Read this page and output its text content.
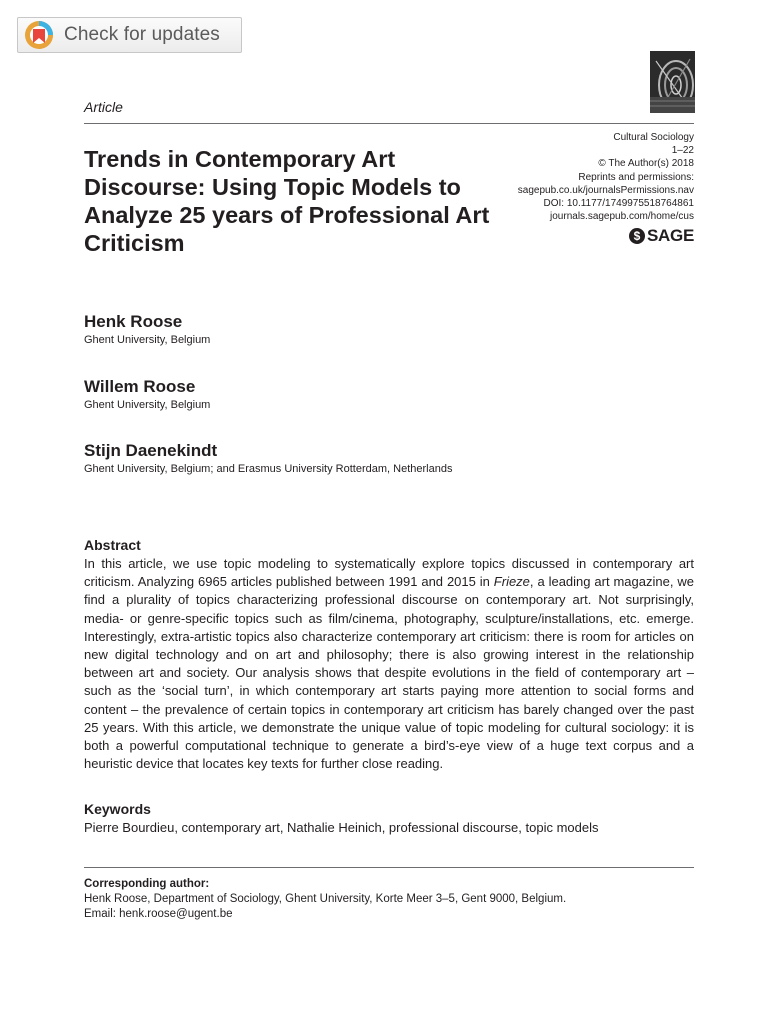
Check for updates
Article
Cultural Sociology
1–22
© The Author(s) 2018
Reprints and permissions:
sagepub.co.uk/journalsPermissions.nav
DOI: 10.1177/1749975518764861
journals.sagepub.com/home/cus
$ SAGE
Trends in Contemporary Art Discourse: Using Topic Models to Analyze 25 years of Professional Art Criticism
Henk Roose
Ghent University, Belgium
Willem Roose
Ghent University, Belgium
Stijn Daenekindt
Ghent University, Belgium; and Erasmus University Rotterdam, Netherlands
Abstract

In this article, we use topic modeling to systematically explore topics discussed in contemporary art criticism. Analyzing 6965 articles published between 1991 and 2015 in Frieze, a leading art magazine, we find a plurality of topics characterizing professional discourse on contemporary art. Not surprisingly, media- or genre-specific topics such as film/cinema, photography, sculpture/installations, etc. emerge. Interestingly, extra-artistic topics also characterize contemporary art criticism: there is room for articles on new digital technology and on art and philosophy; there is also growing interest in the relationship between art and society. Our analysis shows that despite evolutions in the field of contemporary art – such as the ‘social turn’, in which contemporary art starts paying more attention to social forms and content – the prevalence of certain topics in contemporary art criticism has barely changed over the past 25 years. With this article, we demonstrate the unique value of topic modeling for cultural sociology: it is both a powerful computational technique to generate a bird’s-eye view of a huge text corpus and a heuristic device that locates key texts for further close reading.

Keywords
Pierre Bourdieu, contemporary art, Nathalie Heinich, professional discourse, topic models
Corresponding author:
Henk Roose, Department of Sociology, Ghent University, Korte Meer 3–5, Gent 9000, Belgium.
Email: henk.roose@ugent.be
